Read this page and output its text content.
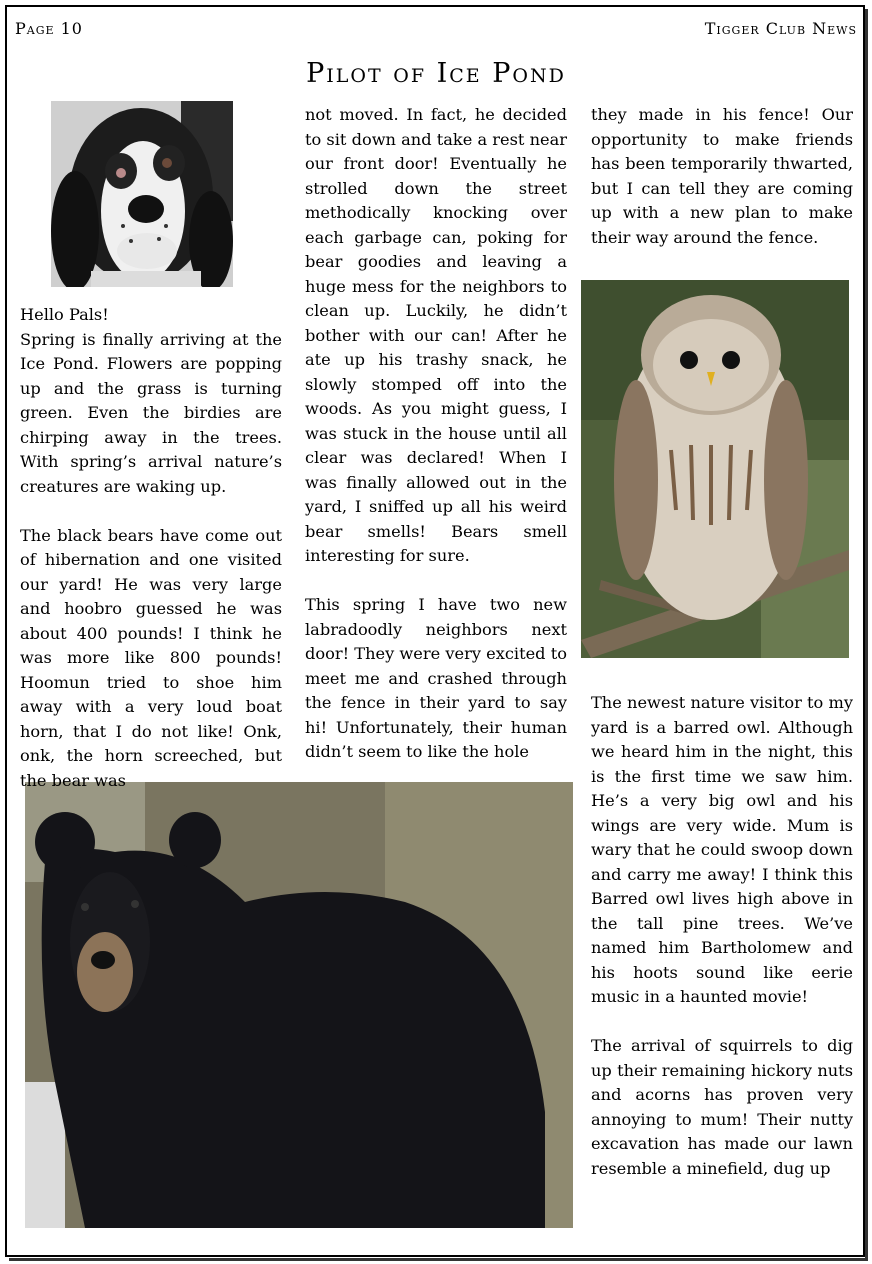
Page 10	Tigger Club News
Pilot of Ice Pond

Hello Pals!
Spring is finally arriving at the Ice Pond. Flowers are popping up and the grass is turning green. Even the birdies are chirping away in the trees. With spring’s arrival nature’s creatures are waking up.

The black bears have come out of hibernation and one visited our yard! He was very large and hoobro guessed he was about 400 pounds! I think he was more like 800 pounds! Hoomun tried to shoe him away with a very loud boat horn, that I do not like! Onk, onk, the horn screeched, but the bear was

not moved. In fact, he decided to sit down and take a rest near our front door! Eventually he strolled down the street methodically knocking over each garbage can, poking for bear goodies and leaving a huge mess for the neighbors to clean up. Luckily, he didn’t bother with our can! After he ate up his trashy snack, he slowly stomped off into the woods. As you might guess, I was stuck in the house until all clear was declared! When I was finally allowed out in the yard, I sniffed up all his weird bear smells! Bears smell interesting for sure.

This spring I have two new labradoodly neighbors next door! They were very excited to meet me and crashed through the fence in their yard to say hi! Unfortunately, their human didn’t seem to like the hole

they made in his fence! Our opportunity to make friends has been temporarily thwarted, but I can tell they are coming up with a new plan to make their way around the fence.

The newest nature visitor to my yard is a barred owl. Although we heard him in the night, this is the first time we saw him. He’s a very big owl and his wings are very wide. Mum is wary that he could swoop down and carry me away! I think this Barred owl lives high above in the tall pine trees. We’ve named him Bartholomew and his hoots sound like eerie music in a haunted movie!

The arrival of squirrels to dig up their remaining hickory nuts and acorns has proven very annoying to mum! Their nutty excavation has made our lawn resemble a minefield, dug up
